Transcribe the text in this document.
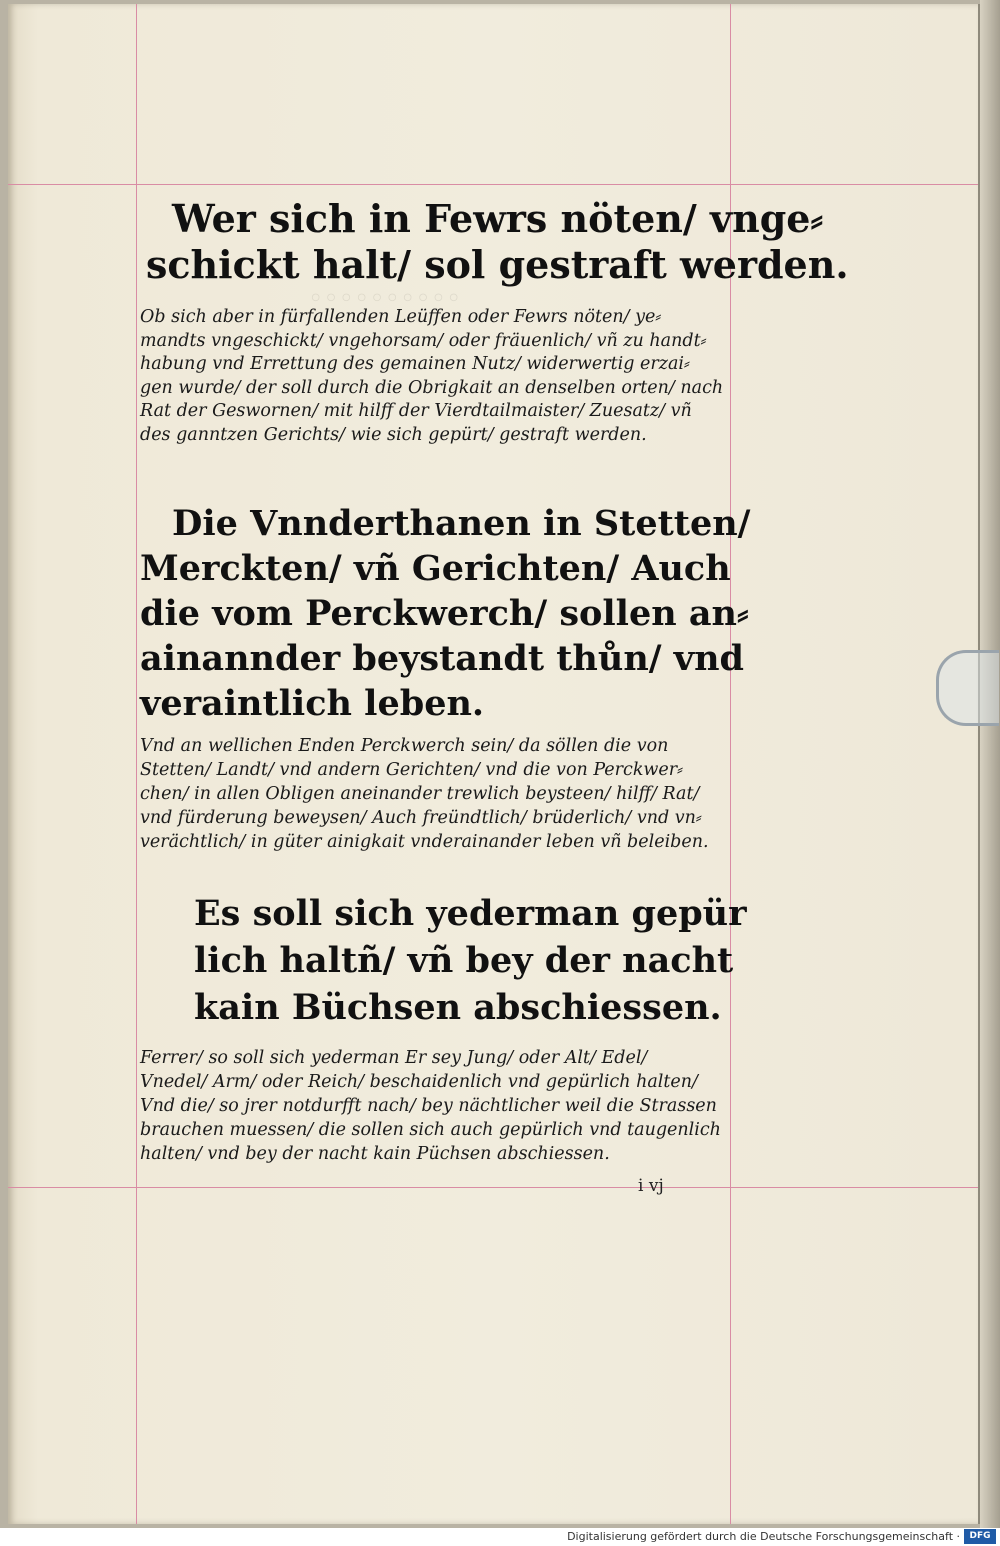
◦◦◦◦◦◦◦◦◦◦
Wer sich in Fewrs nöten/ vnge⸗
schickt halt/ sol gestraft werden.
Ob sich aber in fürfallenden Leüffen oder Fewrs nöten/ ye⸗
mandts vngeschickt/ vngehorsam/ oder fräuenlich/ vñ zu handt⸗
habung vnd Errettung des gemainen Nutz/ widerwertig erzai⸗
gen wurde/ der soll durch die Obrigkait an denselben orten/ nach
Rat der Geswornen/ mit hilff der Vierdtailmaister/ Zuesatz/ vñ
des ganntzen Gerichts/ wie sich gepürt/ gestraft werden.
Die Vnnderthanen in Stetten/
Merckten/ vñ Gerichten/ Auch
die vom Perckwerch/ sollen an⸗
ainannder beystandt thůn/ vnd
veraintlich leben.
Vnd an wellichen Enden Perckwerch sein/ da söllen die von
Stetten/ Landt/ vnd andern Gerichten/ vnd die von Perckwer⸗
chen/ in allen Obligen aneinander trewlich beysteen/ hilff/ Rat/
vnd fürderung beweysen/ Auch freündtlich/ brüderlich/ vnd vn⸗
verächtlich/ in güter ainigkait vnderainander leben vñ beleiben.
Es soll sich yederman gepür
lich haltñ/ vñ bey der nacht
kain Büchsen abschiessen.
Ferrer/ so soll sich yederman Er sey Jung/ oder Alt/ Edel/
Vnedel/ Arm/ oder Reich/ beschaidenlich vnd gepürlich halten/
Vnd die/ so jrer notdurfft nach/ bey nächtlicher weil die Strassen
brauchen muessen/ die sollen sich auch gepürlich vnd taugenlich
halten/ vnd bey der nacht kain Püchsen abschiessen.
i vj
Digitalisierung gefördert durch die Deutsche Forschungsgemeinschaft ·	DFG
